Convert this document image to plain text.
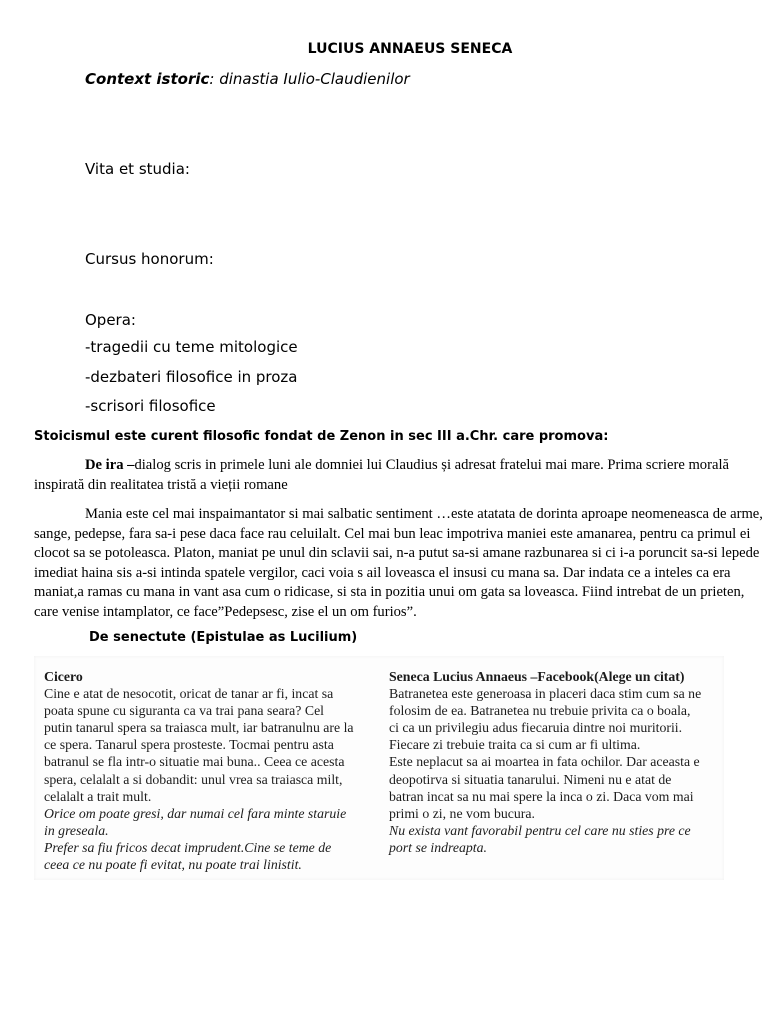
LUCIUS ANNAEUS SENECA
Context istoric: dinastia Iulio-Claudienilor
Vita et studia:
Cursus honorum:
Opera:
-tragedii cu teme mitologice
-dezbateri filosofice in proza
-scrisori filosofice
Stoicismul este curent filosofic fondat de Zenon in sec III a.Chr. care promova:

De ira –dialog scris in primele luni ale domniei lui Claudius și adresat fratelui mai mare. Prima scriere morală inspirată din realitatea tristă a vieții romane

Mania este cel mai inspaimantator si mai salbatic sentiment …este atatata de dorinta aproape neomeneasca de arme, sange, pedepse, fara sa-i pese daca face rau celuilalt. Cel mai bun leac impotriva maniei este amanarea, pentru ca primul ei clocot sa se potoleasca. Platon, maniat pe unul din sclavii sai, n-a putut sa-si amane razbunarea si ci i-a poruncit sa-si lepede imediat haina sis a-si intinda spatele vergilor, caci voia s ail loveasca el insusi cu mana sa. Dar indata ce a inteles ca era maniat,a ramas cu mana in vant asa cum o ridicase, si sta in pozitia unui om gata sa loveasca. Fiind intrebat de un prieten, care venise intamplator, ce face”Pedepsesc, zise el un om furios”.

De senectute (Epistulae as Lucilium)
Cicero
Cine e atat de nesocotit, oricat de tanar ar fi, incat sa
poata spune cu siguranta ca va trai pana seara? Cel
putin tanarul spera sa traiasca mult, iar batranulnu are la
ce spera. Tanarul spera prosteste. Tocmai pentru asta
batranul se fla intr-o situatie mai buna.. Ceea ce acesta
spera, celalalt a si dobandit: unul vrea sa traiasca milt,
celalalt a trait mult.
Orice om poate gresi, dar numai cel fara minte staruie
in greseala.
Prefer sa fiu fricos decat imprudent.Cine se teme de
ceea ce nu poate fi evitat, nu poate trai linistit.
Seneca Lucius Annaeus –Facebook(Alege un citat)
Batranetea este generoasa in placeri daca stim cum sa ne
folosim de ea. Batranetea nu trebuie privita ca o boala,
ci ca un privilegiu adus fiecaruia dintre noi muritorii.
Fiecare zi trebuie traita ca si cum ar fi ultima.
Este neplacut sa ai moartea in fata ochilor. Dar aceasta e
deopotirva si situatia tanarului. Nimeni nu e atat de
batran incat sa nu mai spere la inca o zi. Daca vom mai
primi o zi, ne vom bucura.
Nu exista vant favorabil pentru cel care nu sties pre ce
port se indreapta.
